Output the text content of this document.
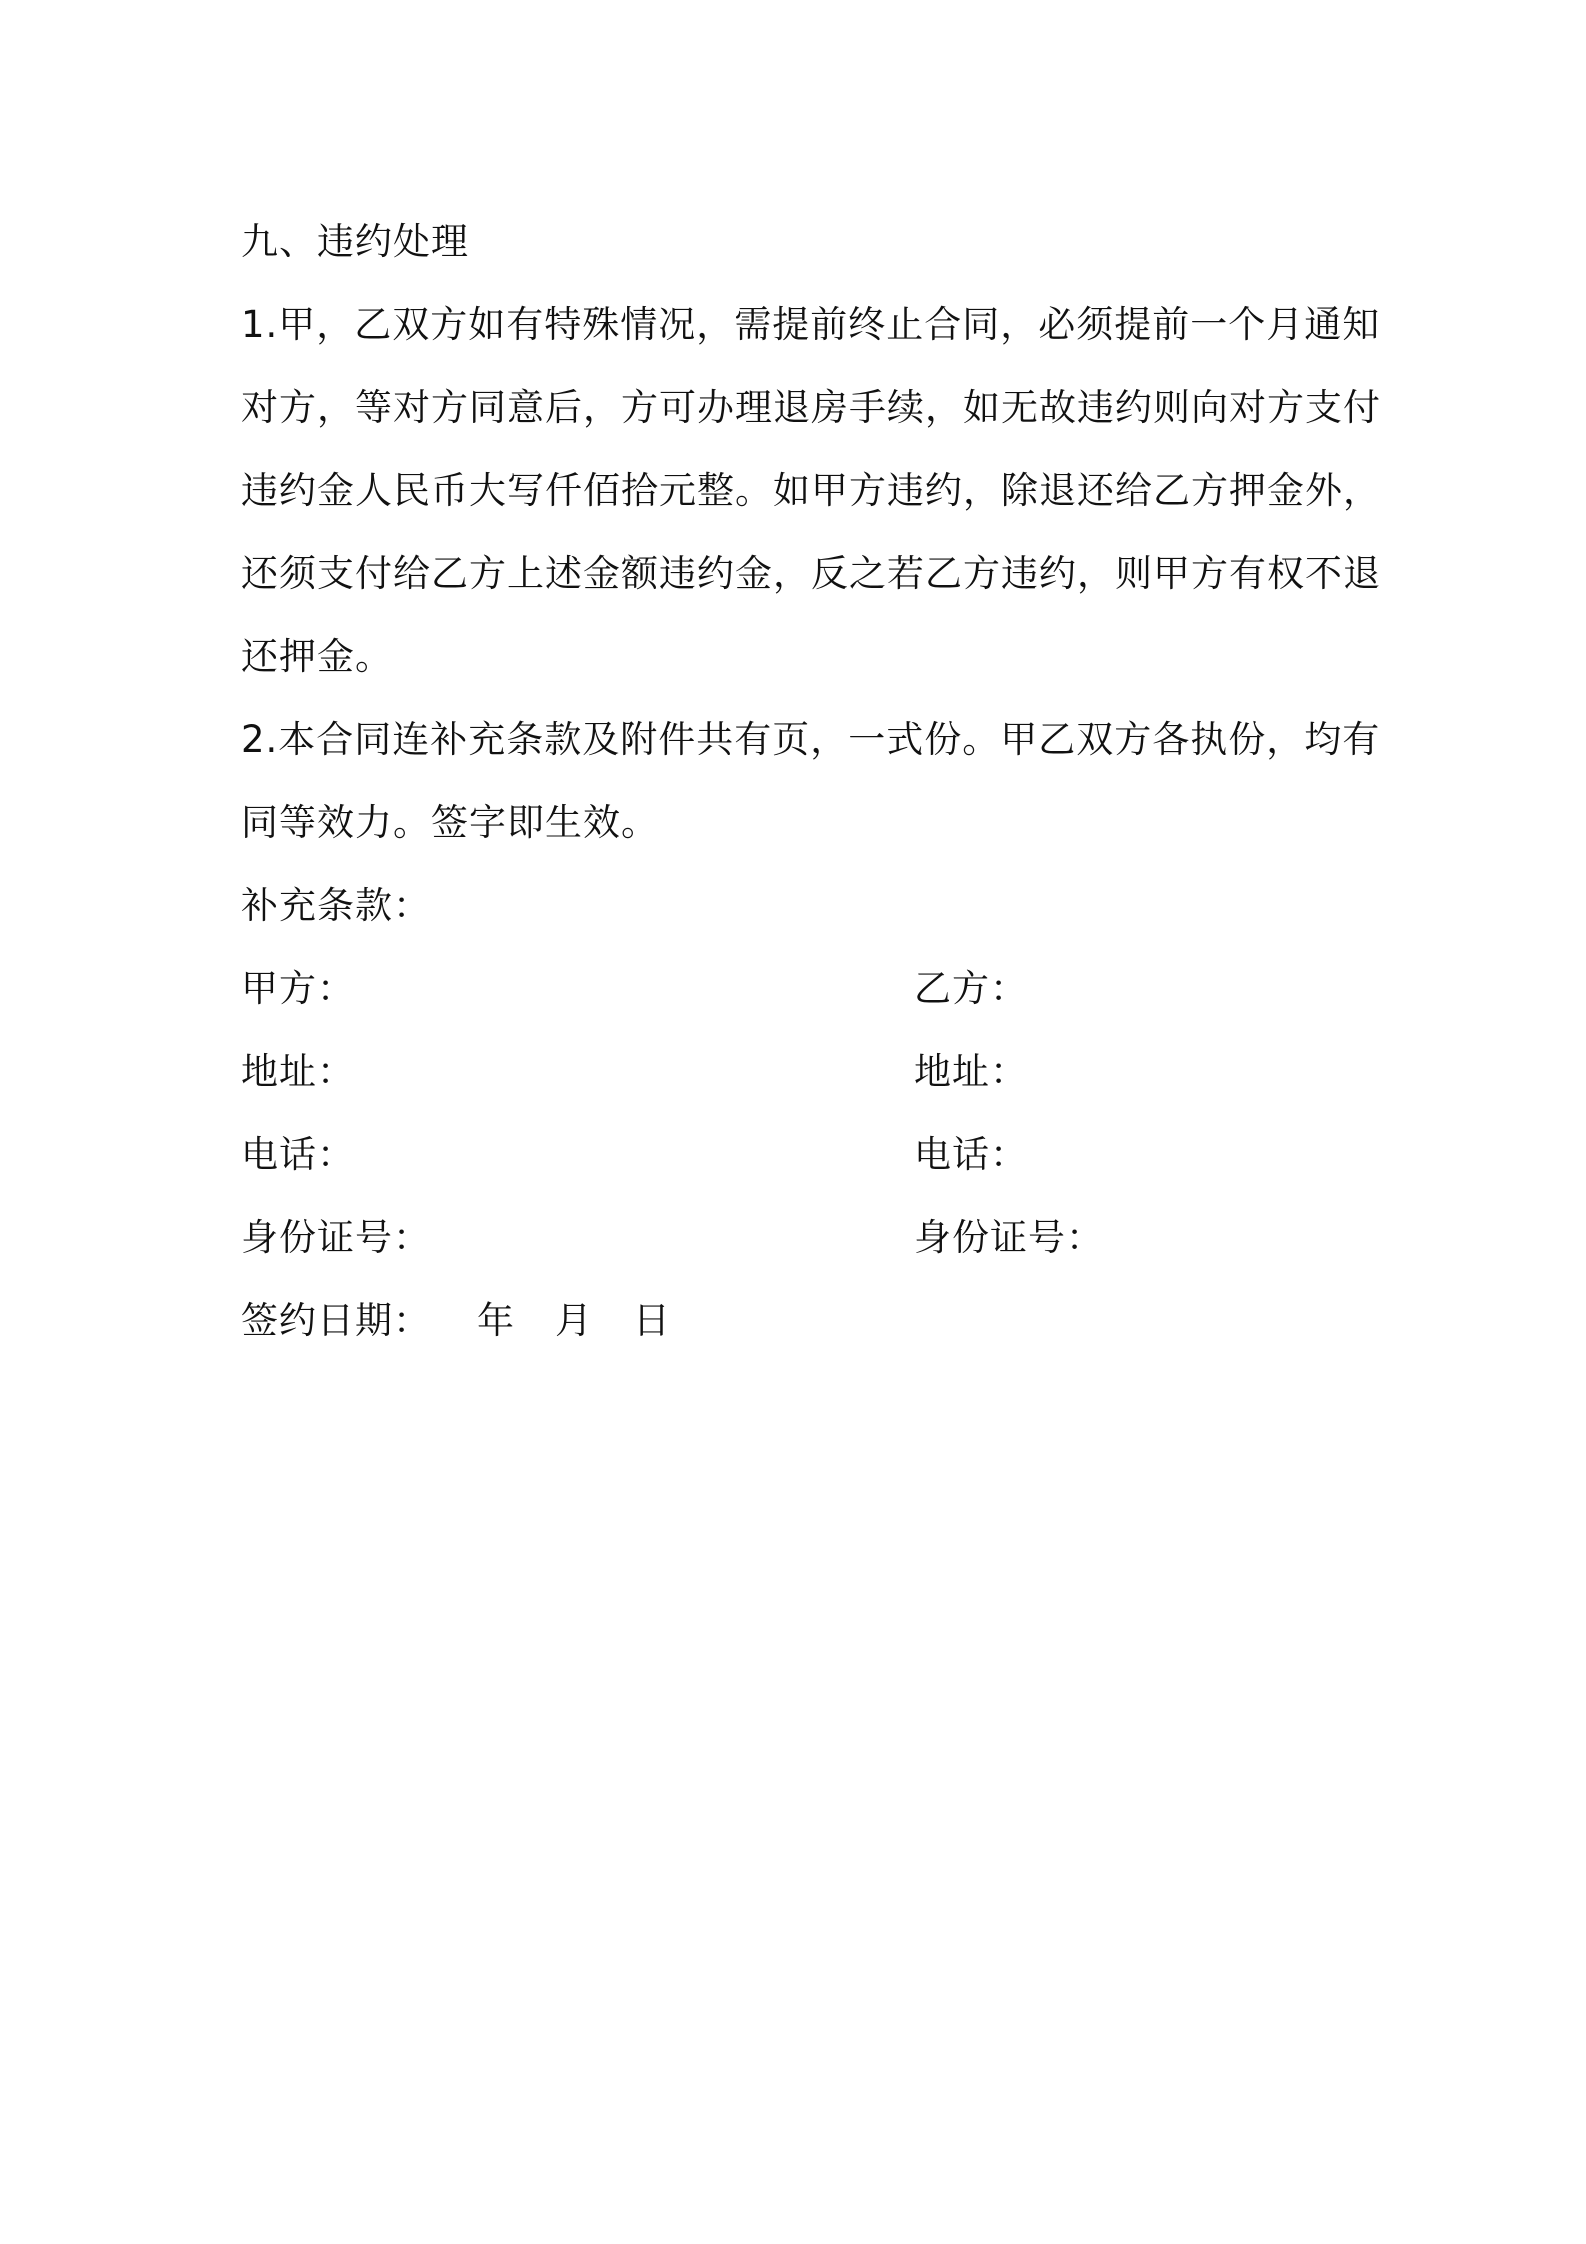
九、违约处理

1.甲，乙双方如有特殊情况，需提前终止合同，必须提前一个月通知

对方，等对方同意后，方可办理退房手续，如无故违约则向对方支付

违约金人民币大写仟佰拾元整。如甲方违约，除退还给乙方押金外，

还须支付给乙方上述金额违约金，反之若乙方违约，则甲方有权不退

还押金。

2.本合同连补充条款及附件共有页，一式份。甲乙双方各执份，均有

同等效力。签字即生效。

补充条款：

甲方：	乙方：
地址：	地址：
电话：	电话：
身份证号：	身份证号：

签约日期： 年 月 日
